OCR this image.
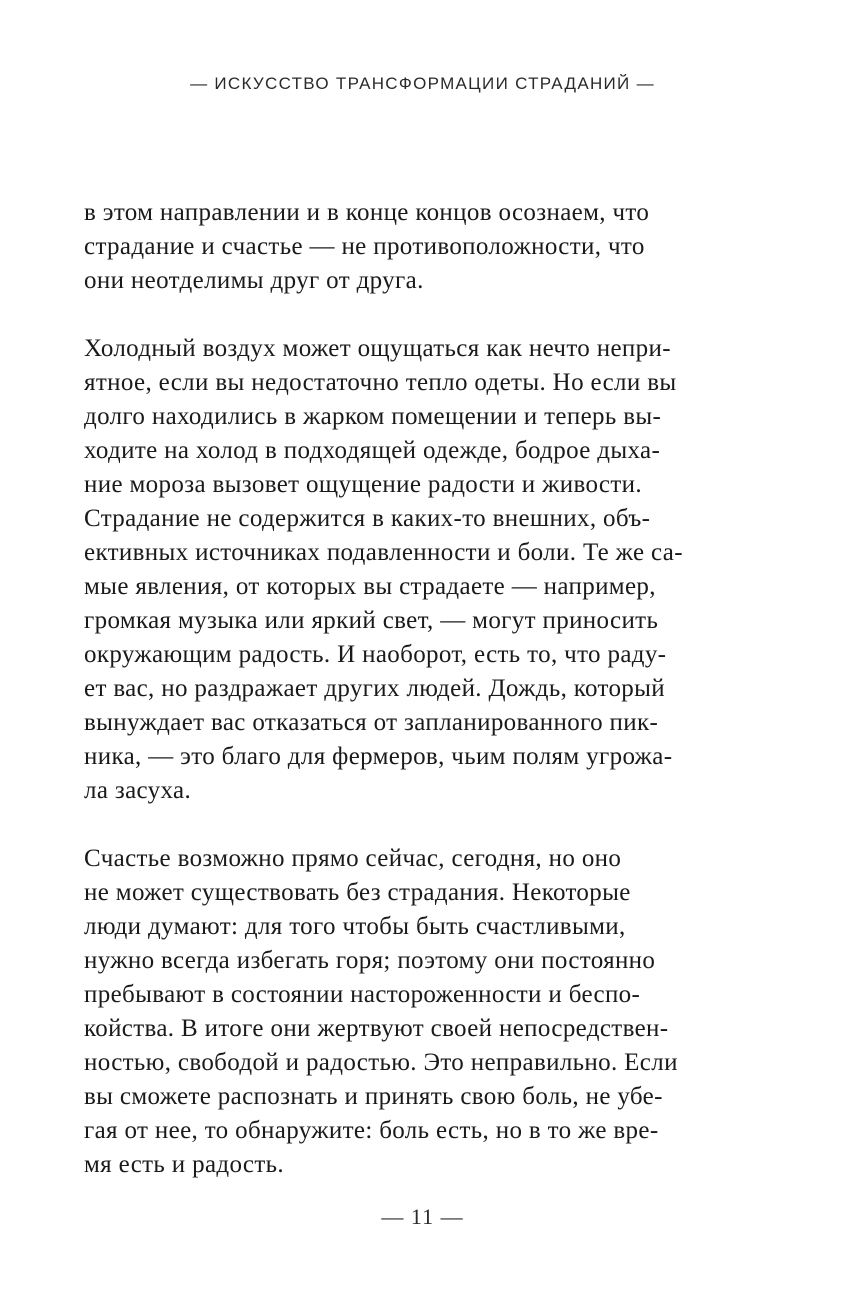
— ИСКУССТВО ТРАНСФОРМАЦИИ СТРАДАНИЙ —
в этом направлении и в конце концов осознаем, что
страдание и счастье — не противоположности, что
они неотделимы друг от друга.
Холодный воздух может ощущаться как нечто непри-
ятное, если вы недостаточно тепло одеты. Но если вы
долго находились в жарком помещении и теперь вы-
ходите на холод в подходящей одежде, бодрое дыха-
ние мороза вызовет ощущение радости и живости.
Страдание не содержится в каких-то внешних, объ-
ективных источниках подавленности и боли. Те же са-
мые явления, от которых вы страдаете — например,
громкая музыка или яркий свет, — могут приносить
окружающим радость. И наоборот, есть то, что раду-
ет вас, но раздражает других людей. Дождь, который
вынуждает вас отказаться от запланированного пик-
ника, — это благо для фермеров, чьим полям угрожа-
ла засуха.
Счастье возможно прямо сейчас, сегодня, но оно
не может существовать без страдания. Некоторые
люди думают: для того чтобы быть счастливыми,
нужно всегда избегать горя; поэтому они постоянно
пребывают в состоянии настороженности и беспо-
койства. В итоге они жертвуют своей непосредствен-
ностью, свободой и радостью. Это неправильно. Если
вы сможете распознать и принять свою боль, не убе-
гая от нее, то обнаружите: боль есть, но в то же вре-
мя есть и радость.
— 11 —
